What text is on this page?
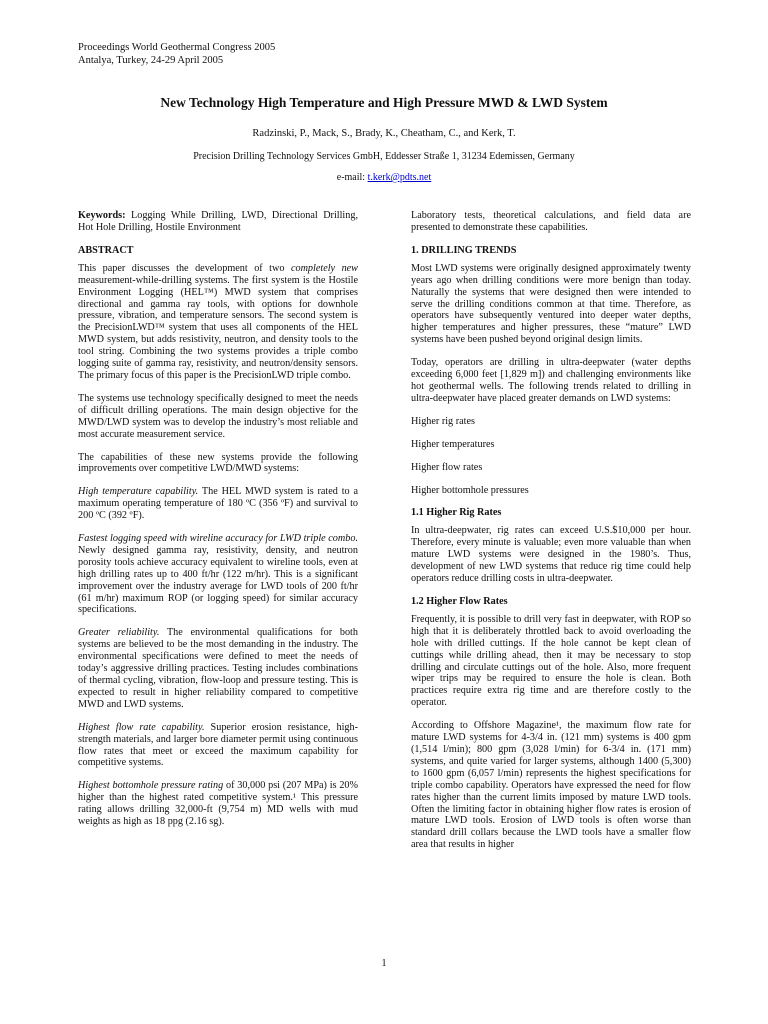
Proceedings World Geothermal Congress 2005
Antalya, Turkey, 24-29 April 2005
New Technology High Temperature and High Pressure MWD & LWD System
Radzinski, P., Mack, S., Brady, K., Cheatham, C., and Kerk, T.
Precision Drilling Technology Services GmbH, Eddesser Straße 1, 31234 Edemissen, Germany
e-mail: t.kerk@pdts.net

Keywords: Logging While Drilling, LWD, Directional Drilling, Hot Hole Drilling, Hostile Environment

ABSTRACT

This paper discusses the development of two completely new measurement-while-drilling systems. The first system is the Hostile Environment Logging (HEL™) MWD system that comprises directional and gamma ray tools, with options for downhole pressure, vibration, and temperature sensors. The second system is the PrecisionLWD™ system that uses all components of the HEL MWD system, but adds resistivity, neutron, and density tools to the tool string. Combining the two systems provides a triple combo logging suite of gamma ray, resistivity, and neutron/density sensors. The primary focus of this paper is the PrecisionLWD triple combo.

The systems use technology specifically designed to meet the needs of difficult drilling operations. The main design objective for the MWD/LWD system was to develop the industry’s most reliable and most accurate measurement service.

The capabilities of these new systems provide the following improvements over competitive LWD/MWD systems:

High temperature capability. The HEL MWD system is rated to a maximum operating temperature of 180 ºC (356 ºF) and survival to 200 ºC (392 ºF).

Fastest logging speed with wireline accuracy for LWD triple combo. Newly designed gamma ray, resistivity, density, and neutron porosity tools achieve accuracy equivalent to wireline tools, even at high drilling rates up to 400 ft/hr (122 m/hr). This is a significant improvement over the industry average for LWD tools of 200 ft/hr (61 m/hr) maximum ROP (or logging speed) for similar accuracy specifications.

Greater reliability. The environmental qualifications for both systems are believed to be the most demanding in the industry. The environmental specifications were defined to meet the needs of today’s aggressive drilling practices. Testing includes combinations of thermal cycling, vibration, flow-loop and pressure testing. This is expected to result in higher reliability compared to competitive MWD and LWD systems.

Highest flow rate capability. Superior erosion resistance, high-strength materials, and larger bore diameter permit using continuous flow rates that meet or exceed the maximum capability for competitive systems.

Highest bottomhole pressure rating of 30,000 psi (207 MPa) is 20% higher than the highest rated competitive system.¹ This pressure rating allows drilling 32,000-ft (9,754 m) MD wells with mud weights as high as 18 ppg (2.16 sg).

Laboratory tests, theoretical calculations, and field data are presented to demonstrate these capabilities.

1. DRILLING TRENDS

Most LWD systems were originally designed approximately twenty years ago when drilling conditions were more benign than today. Naturally the systems that were designed then were intended to serve the drilling conditions common at that time. Therefore, as operators have subsequently ventured into deeper water depths, higher temperatures and higher pressures, these “mature” LWD systems have been pushed beyond original design limits.

Today, operators are drilling in ultra-deepwater (water depths exceeding 6,000 feet [1,829 m]) and challenging environments like hot geothermal wells. The following trends related to drilling in ultra-deepwater have placed greater demands on LWD systems:

Higher rig rates

Higher temperatures

Higher flow rates

Higher bottomhole pressures

1.1 Higher Rig Rates

In ultra-deepwater, rig rates can exceed U.S.$10,000 per hour. Therefore, every minute is valuable; even more valuable than when mature LWD systems were designed in the 1980’s. Thus, development of new LWD systems that reduce rig time could help operators reduce drilling costs in ultra-deepwater.

1.2 Higher Flow Rates

Frequently, it is possible to drill very fast in deepwater, with ROP so high that it is deliberately throttled back to avoid overloading the hole with drilled cuttings. If the hole cannot be kept clean of cuttings while drilling ahead, then it may be necessary to stop drilling and circulate cuttings out of the hole. Also, more frequent wiper trips may be required to ensure the hole is clean. Both practices require extra rig time and are therefore costly to the operator.

According to Offshore Magazine¹, the maximum flow rate for mature LWD systems for 4-3/4 in. (121 mm) systems is 400 gpm (1,514 l/min); 800 gpm (3,028 l/min) for 6-3/4 in. (171 mm) systems, and quite varied for larger systems, although 1400 (5,300) to 1600 gpm (6,057 l/min) represents the highest specifications for triple combo capability. Operators have expressed the need for flow rates higher than the current limits imposed by mature LWD tools. Often the limiting factor in obtaining higher flow rates is erosion of mature LWD tools. Erosion of LWD tools is often worse than standard drill collars because the LWD tools have a smaller flow area that results in higher

1
